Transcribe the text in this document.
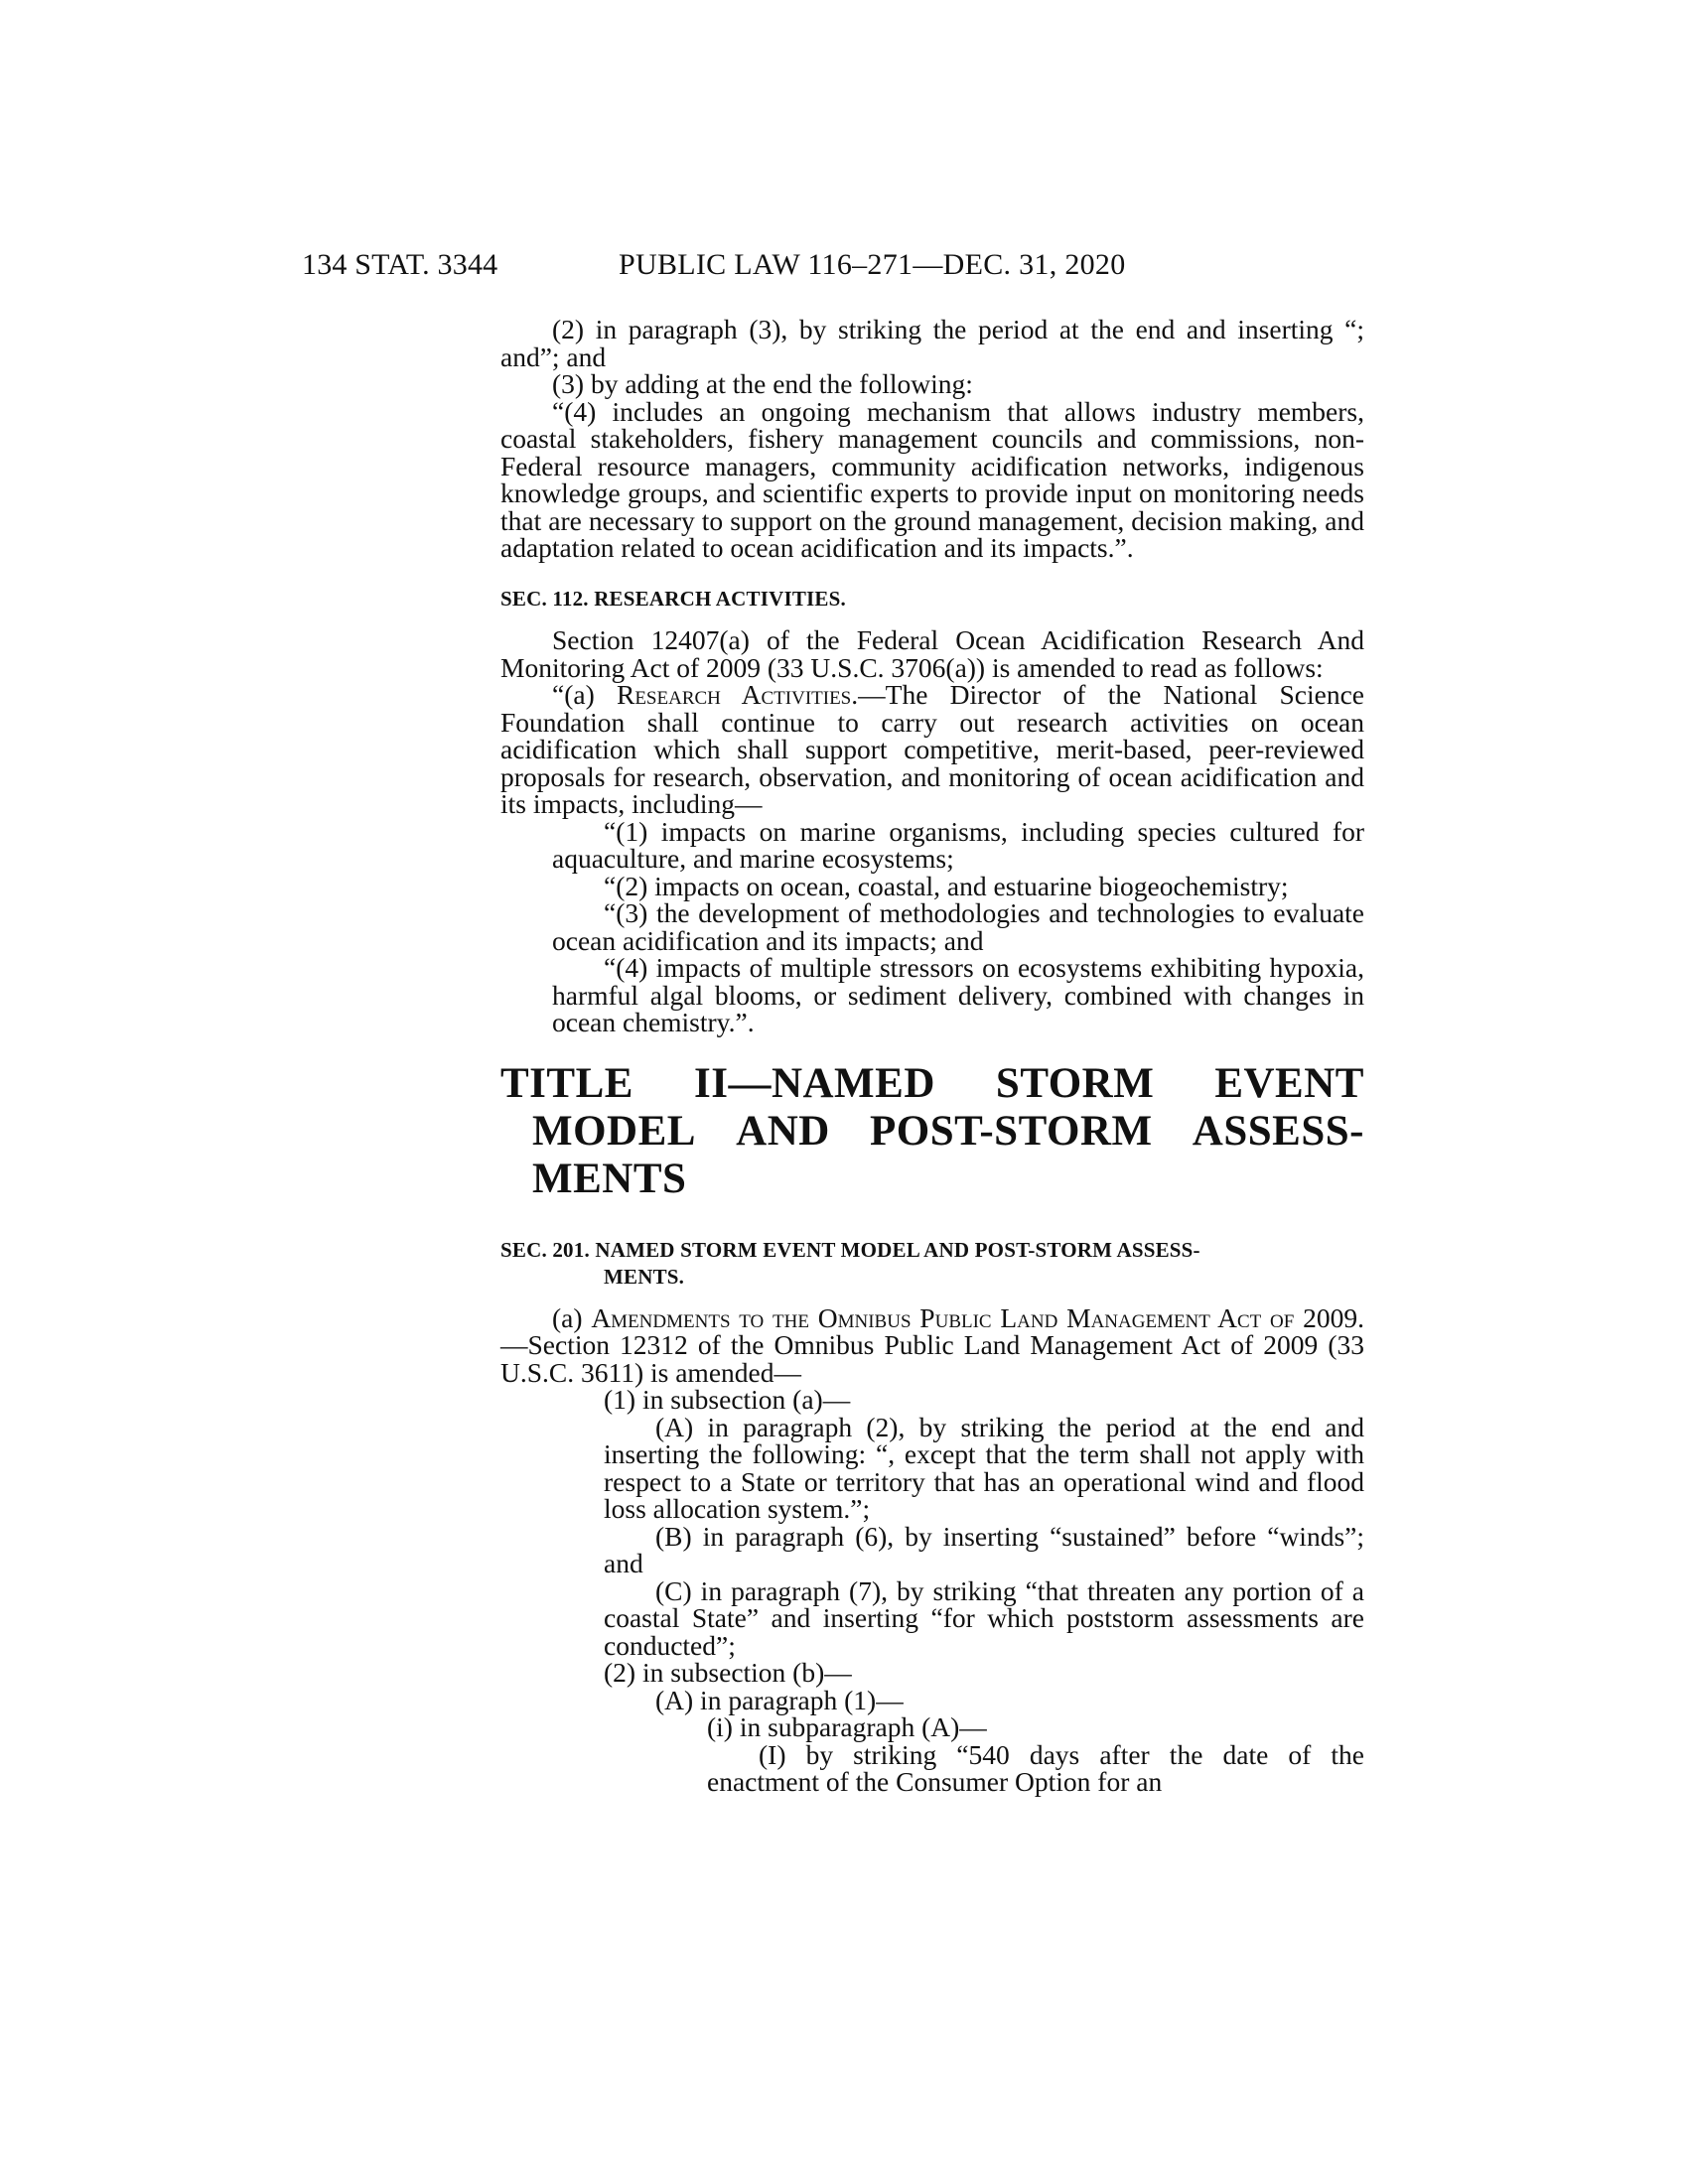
134 STAT. 3344	PUBLIC LAW 116–271—DEC. 31, 2020

(2) in paragraph (3), by striking the period at the end and inserting “; and”; and

(3) by adding at the end the following:

“(4) includes an ongoing mechanism that allows industry members, coastal stakeholders, fishery management councils and commissions, non-Federal resource managers, community acidification networks, indigenous knowledge groups, and scientific experts to provide input on monitoring needs that are necessary to support on the ground management, decision making, and adaptation related to ocean acidification and its impacts.”.

SEC. 112. RESEARCH ACTIVITIES.

Section 12407(a) of the Federal Ocean Acidification Research And Monitoring Act of 2009 (33 U.S.C. 3706(a)) is amended to read as follows:

“(a) Research Activities.—The Director of the National Science Foundation shall continue to carry out research activities on ocean acidification which shall support competitive, merit-based, peer-reviewed proposals for research, observation, and monitoring of ocean acidification and its impacts, including—

“(1) impacts on marine organisms, including species cultured for aquaculture, and marine ecosystems;

“(2) impacts on ocean, coastal, and estuarine biogeochemistry;

“(3) the development of methodologies and technologies to evaluate ocean acidification and its impacts; and

“(4) impacts of multiple stressors on ecosystems exhibiting hypoxia, harmful algal blooms, or sediment delivery, combined with changes in ocean chemistry.”.

TITLE II—NAMED STORM EVENT
MODEL AND POST-STORM ASSESS-
MENTS
SEC. 201. NAMED STORM EVENT MODEL AND POST-STORM ASSESS-
MENTS.

(a) Amendments to the Omnibus Public Land Management Act of 2009.—Section 12312 of the Omnibus Public Land Management Act of 2009 (33 U.S.C. 3611) is amended—

(1) in subsection (a)—

(A) in paragraph (2), by striking the period at the end and inserting the following: “, except that the term shall not apply with respect to a State or territory that has an operational wind and flood loss allocation system.”;

(B) in paragraph (6), by inserting “sustained” before “winds”; and

(C) in paragraph (7), by striking “that threaten any portion of a coastal State” and inserting “for which poststorm assessments are conducted”;

(2) in subsection (b)—

(A) in paragraph (1)—

(i) in subparagraph (A)—

(I) by striking “540 days after the date of the enactment of the Consumer Option for an
